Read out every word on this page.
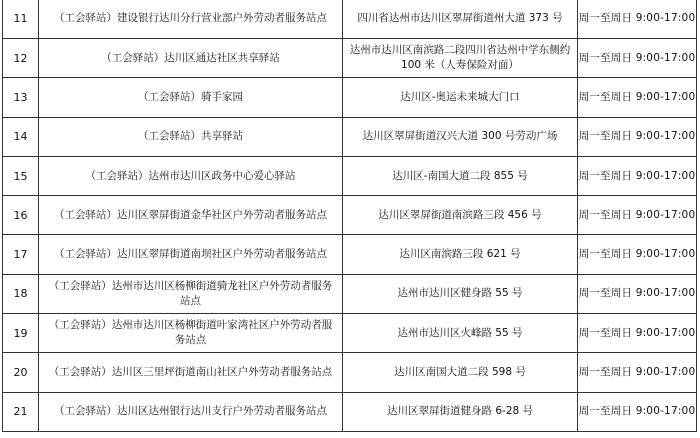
11	（工会驿站）建设银行达川分行营业部户外劳动者服务站点	四川省达州市达川区翠屏街道州大道 373 号	周一至周日 9:00-17:00
12	（工会驿站）达川区通达社区共享驿站	达州市达川区南滨路二段四川省达州中学东侧约 100 米（人寿保险对面）	周一至周日 9:00-17:00
13	（工会驿站）骑手家园	达川区-奥运未来城大门口	周一至周日 9:00-17:00
14	（工会驿站）共享驿站	达川区翠屏街道汉兴大道 300 号劳动广场	周一至周日 9:00-17:00
15	（工会驿站）达州市达川区政务中心爱心驿站	达川区-南国大道二段 855 号	周一至周日 9:00-17:00
16	（工会驿站）达川区翠屏街道金华社区户外劳动者服务站点	达川区翠屏街道南滨路三段 456 号	周一至周日 9:00-17:00
17	（工会驿站）达川区翠屏街道南坝社区户外劳动者服务站点	达川区南滨路三段 621 号	周一至周日 9:00-17:00
18	（工会驿站）达州市达川区杨柳街道骑龙社区户外劳动者服务站点	达州市达川区健身路 55 号	周一至周日 9:00-17:00
19	（工会驿站）达州市达川区杨柳街道叶家湾社区户外劳动者服务站点	达州市达川区火峰路 55 号	周一至周日 9:00-17:00
20	（工会驿站）达川区三里坪街道南山社区户外劳动者服务站点	达川区南国大道二段 598 号	周一至周日 9:00-17:00
21	（工会驿站）达川区达州银行达川支行户外劳动者服务站点	达川区翠屏街道健身路 6-28 号	周一至周日 9:00-17:00
